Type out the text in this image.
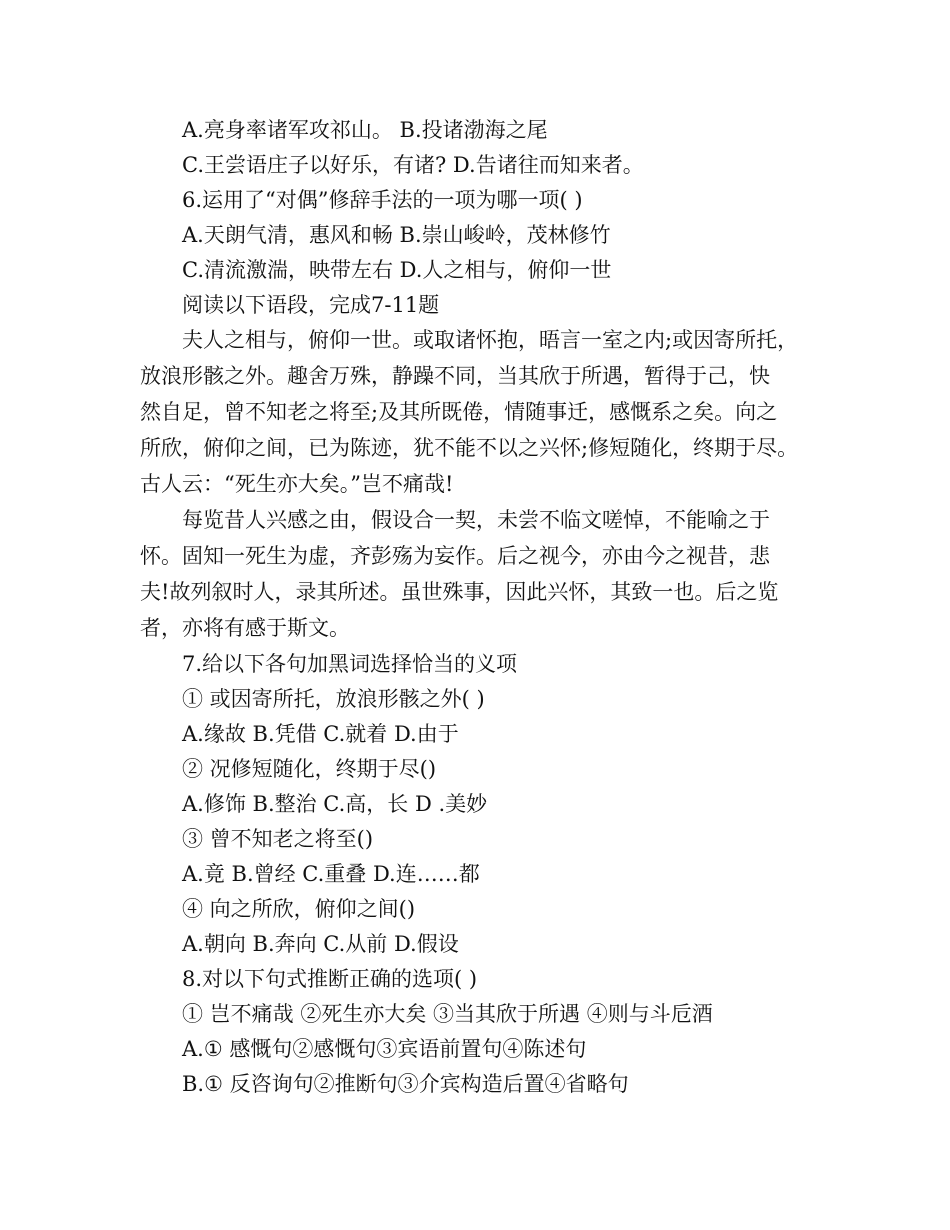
A.亮身率诸军攻祁山。 B.投诸渤海之尾
C.王尝语庄子以好乐，有诸? D.告诸往而知来者。
6.运用了“对偶”修辞手法的一项为哪一项( )
A.天朗气清，惠风和畅 B.崇山峻岭，茂林修竹
C.清流激湍，映带左右 D.人之相与，俯仰一世
阅读以下语段，完成7-11题
夫人之相与，俯仰一世。或取诸怀抱，晤言一室之内;或因寄所托，
放浪形骸之外。趣舍万殊，静躁不同，当其欣于所遇，暂得于己，快
然自足，曾不知老之将至;及其所既倦，情随事迁，感慨系之矣。向之
所欣，俯仰之间，已为陈迹，犹不能不以之兴怀;修短随化，终期于尽。
古人云：“死生亦大矣。”岂不痛哉!
每览昔人兴感之由，假设合一契，未尝不临文嗟悼，不能喻之于
怀。固知一死生为虚，齐彭殇为妄作。后之视今，亦由今之视昔，悲
夫!故列叙时人，录其所述。虽世殊事，因此兴怀，其致一也。后之览
者，亦将有感于斯文。
7.给以下各句加黑词选择恰当的义项
① 或因寄所托，放浪形骸之外( )
A.缘故 B.凭借 C.就着 D.由于
② 况修短随化，终期于尽()
A.修饰 B.整治 C.高，长 D .美妙
③ 曾不知老之将至()
A.竟 B.曾经 C.重叠 D.连……都
④ 向之所欣，俯仰之间()
A.朝向 B.奔向 C.从前 D.假设
8.对以下句式推断正确的选项( )
① 岂不痛哉 ②死生亦大矣 ③当其欣于所遇 ④则与斗卮酒
A.① 感慨句②感慨句③宾语前置句④陈述句
B.① 反咨询句②推断句③介宾构造后置④省略句
